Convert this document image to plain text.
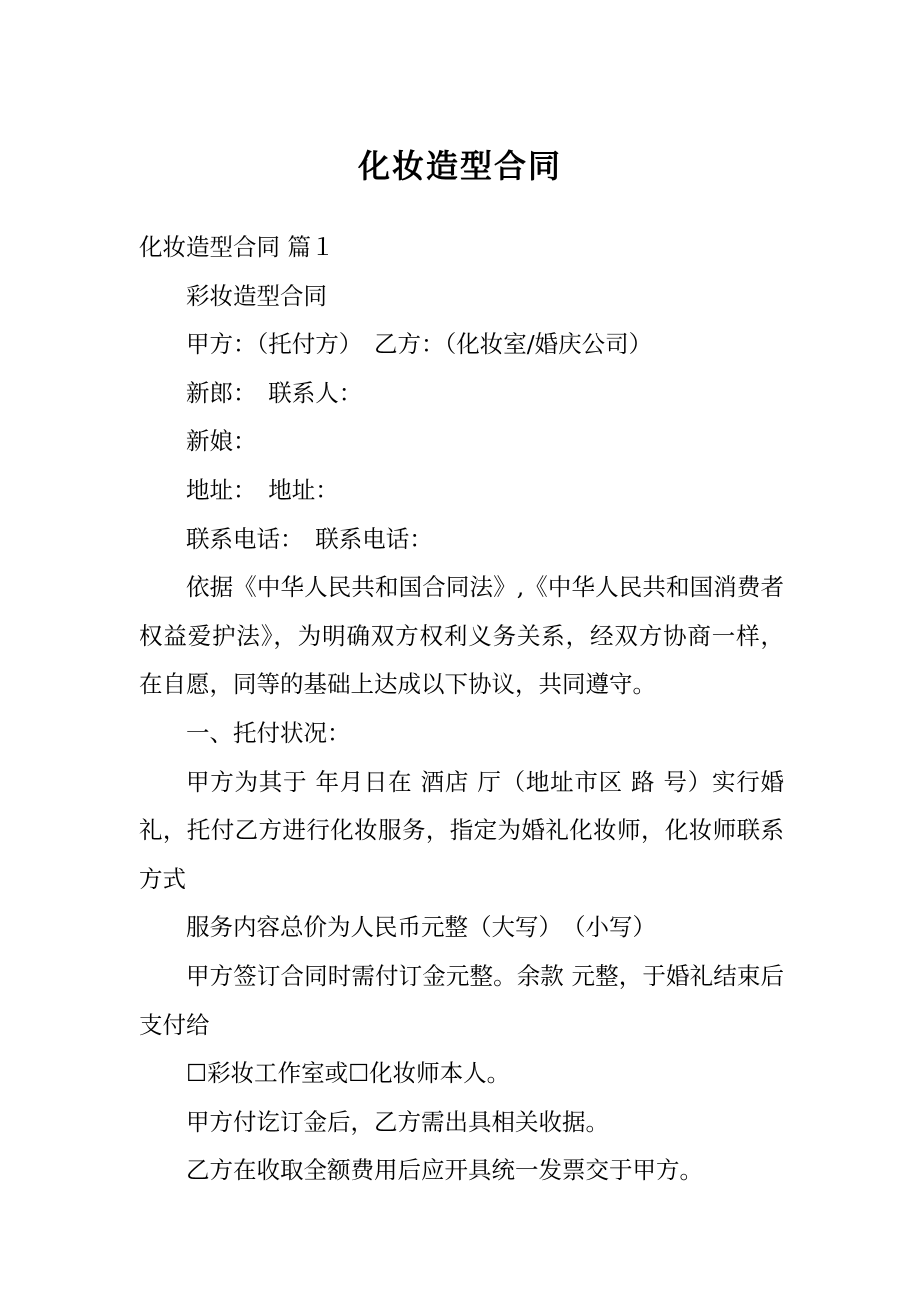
化妆造型合同

化妆造型合同 篇１

彩妆造型合同

甲方：（托付方）　乙方：（化妆室/婚庆公司）

新郎：　联系人：

新娘：

地址：　地址：

联系电话：　联系电话：

依据《中华人民共和国合同法》,《中华人民共和国消费者权益爱护法》，为明确双方权利义务关系，经双方协商一样，在自愿，同等的基础上达成以下协议，共同遵守。

一、托付状况：

甲方为其于 年月日在 酒店 厅（地址市区 路 号）实行婚礼，托付乙方进行化妆服务，指定为婚礼化妆师，化妆师联系方式

服务内容总价为人民币元整（大写）　（小写）

甲方签订合同时需付订金元整。余款 元整，于婚礼结束后支付给

☐彩妆工作室或☐化妆师本人。

甲方付讫订金后，乙方需出具相关收据。

乙方在收取全额费用后应开具统一发票交于甲方。
